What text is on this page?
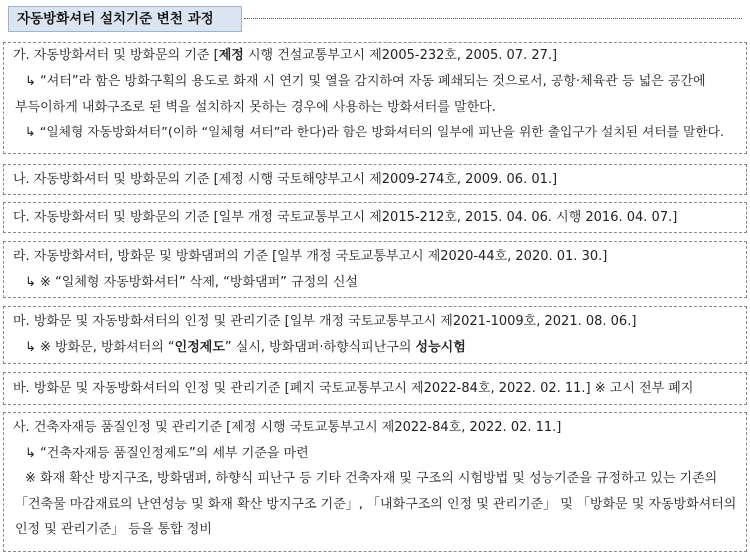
자동방화셔터 설치기준 변천 과정
가. 자동방화셔터 및 방화문의 기준 [제정 시행 건설교통부고시 제2005-232호, 2005. 07. 27.]
↳ “셔터”라 함은 방화구획의 용도로 화재 시 연기 및 열을 감지하여 자동 폐쇄되는 것으로서, 공항·체육관 등 넓은 공간에
부득이하게 내화구조로 된 벽을 설치하지 못하는 경우에 사용하는 방화셔터를 말한다.
↳ “일체형 자동방화셔터”(이하 “일체형 셔터”라 한다)라 함은 방화셔터의 일부에 피난을 위한 출입구가 설치된 셔터를 말한다.
나. 자동방화셔터 및 방화문의 기준 [제정 시행 국토해양부고시 제2009-274호, 2009. 06. 01.]
다. 자동방화셔터 및 방화문의 기준 [일부 개정 국토교통부고시 제2015-212호, 2015. 04. 06. 시행 2016. 04. 07.]
라. 자동방화셔터, 방화문 및 방화댐퍼의 기준 [일부 개정 국토교통부고시 제2020-44호, 2020. 01. 30.]
↳ ※ “일체형 자동방화셔터” 삭제, “방화댐퍼” 규정의 신설
마. 방화문 및 자동방화셔터의 인정 및 관리기준 [일부 개정 국토교통부고시 제2021-1009호, 2021. 08. 06.]
↳ ※ 방화문, 방화셔터의 “인정제도” 실시, 방화댐퍼·하향식피난구의 성능시험
바. 방화문 및 자동방화셔터의 인정 및 관리기준 [폐지 국토교통부고시 제2022-84호, 2022. 02. 11.] ※ 고시 전부 폐지
사. 건축자재등 품질인정 및 관리기준 [제정 시행 국토교통부고시 제2022-84호, 2022. 02. 11.]
↳ “건축자재등 품질인정제도”의 세부 기준을 마련
※ 화재 확산 방지구조, 방화댐퍼, 하향식 피난구 등 기타 건축자재 및 구조의 시험방법 및 성능기준을 규정하고 있는 기존의
「건축물 마감재료의 난연성능 및 화재 확산 방지구조 기준」, 「내화구조의 인정 및 관리기준」 및 「방화문 및 자동방화셔터의
인정 및 관리기준」 등을 통합 정비
